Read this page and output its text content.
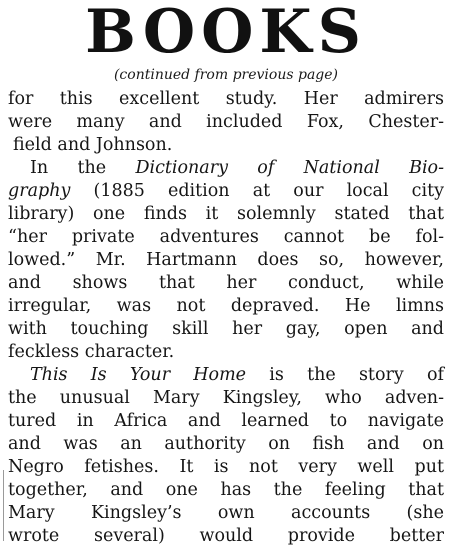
BOOKS
(continued from previous page)
for this excellent study. Her admirers
were many and included Fox, Chester-
field and Johnson.
In the Dictionary of National Bio-
graphy (1885 edition at our local city
library) one finds it solemnly stated that
“her private adventures cannot be fol-
lowed.” Mr. Hartmann does so, however,
and shows that her conduct, while
irregular, was not depraved. He limns
with touching skill her gay, open and
feckless character.
This Is Your Home is the story of
the unusual Mary Kingsley, who adven-
tured in Africa and learned to navigate
and was an authority on fish and on
Negro fetishes. It is not very well put
together, and one has the feeling that
Mary Kingsley’s own accounts (she
wrote several) would provide better
